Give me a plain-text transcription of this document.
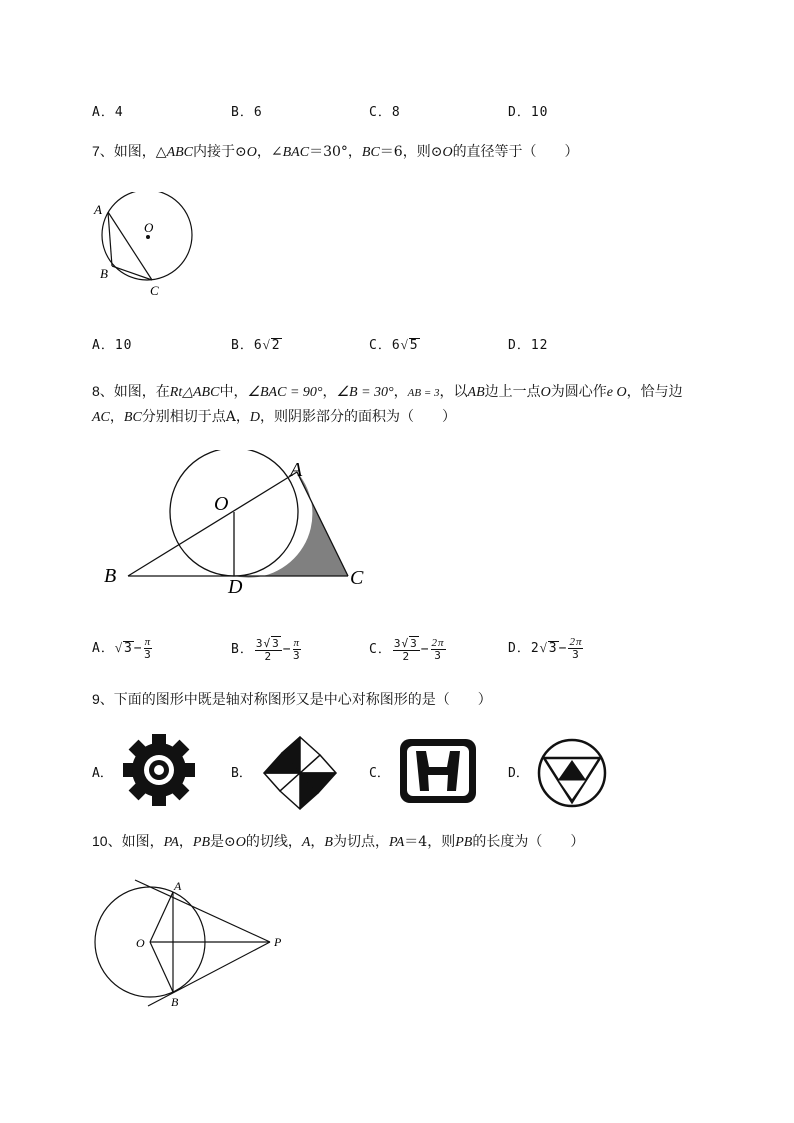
A．4	B．6	C．8	D．10
7、如图，△ABC内接于⊙O，∠BAC＝30°，BC＝6，则⊙O的直径等于（　　）
A
O
B
C
A．10	B．6√2	C．6√5	D．12
8、如图，在Rt△ABC中，∠BAC = 90°，∠B = 30°，AB = 3，以AB边上一点O为圆心作e O，恰与边
AC，BC分别相切于点A，D，则阴影部分的面积为（　　）
A
O
B	D	C
A．$√3- \frac{\pi}{3}$	B． $\frac{3√3}{2} - \frac{\pi}{3}$	C． $\frac{3√3}{2} - \frac{2\pi}{3}$	D．$2√3- \frac{2\pi}{3}$
9、下面的图形中既是轴对称图形又是中心对称图形的是（　　）
A．	B．	C．	D．
10、如图，PA，PB是⊙O的切线，A，B为切点，PA＝4，则PB的长度为（　　）
A
O	P
B
